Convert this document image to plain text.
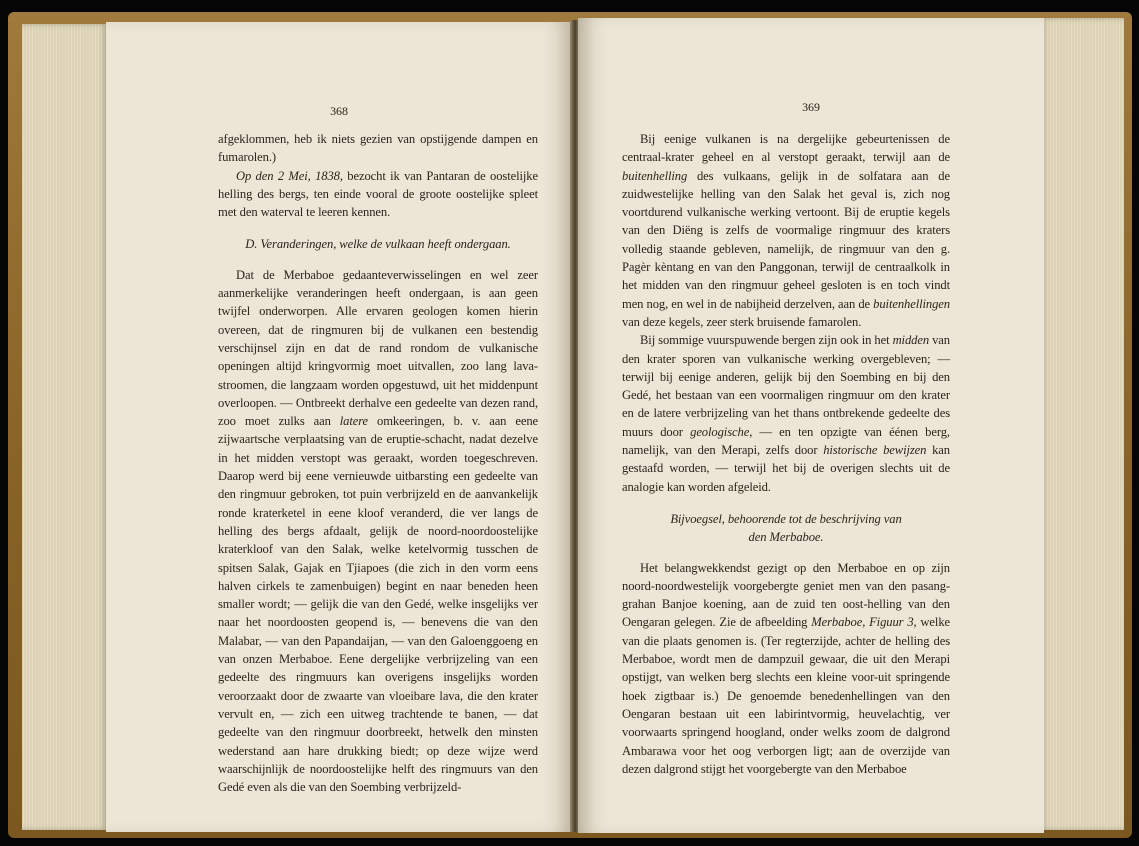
368

afgeklommen, heb ik niets gezien van opstijgende dampen en fumarolen.)

Op den 2 Mei, 1838, bezocht ik van Pantaran de oostelijke helling des bergs, ten einde vooral de groote oostelijke spleet met den waterval te leeren kennen.

D. Veranderingen, welke de vulkaan heeft ondergaan.

Dat de Merbaboe gedaanteverwisselingen en wel zeer aanmerkelijke veranderingen heeft ondergaan, is aan geen twijfel onderworpen. Alle ervaren geologen komen hierin overeen, dat de ringmuren bij de vulkanen een bestendig verschijnsel zijn en dat de rand rondom de vulkanische openingen altijd kringvormig moet uitvallen, zoo lang lava-stroomen, die langzaam worden opgestuwd, uit het middenpunt overloopen. — Ontbreekt derhalve een gedeelte van dezen rand, zoo moet zulks aan latere omkeeringen, b. v. aan eene zijwaartsche verplaatsing van de eruptie-schacht, nadat dezelve in het midden verstopt was geraakt, worden toegeschreven. Daarop werd bij eene vernieuwde uitbarsting een gedeelte van den ringmuur gebroken, tot puin verbrijzeld en de aanvankelijk ronde kraterketel in eene kloof veranderd, die ver langs de helling des bergs afdaalt, gelijk de noord-noordoostelijke kraterkloof van den Salak, welke ketelvormig tusschen de spitsen Salak, Gajak en Tjiapoes (die zich in den vorm eens halven cirkels te zamenbuigen) begint en naar beneden heen smaller wordt; — gelijk die van den Gedé, welke insgelijks ver naar het noordoosten geopend is, — benevens die van den Malabar, — van den Papandaijan, — van den Galoenggoeng en van onzen Merbaboe. Eene dergelijke verbrijzeling van een gedeelte des ringmuurs kan overigens insgelijks worden veroorzaakt door de zwaarte van vloeibare lava, die den krater vervult en, — zich een uitweg trachtende te banen, — dat gedeelte van den ringmuur doorbreekt, hetwelk den minsten wederstand aan hare drukking biedt; op deze wijze werd waarschijnlijk de noordoostelijke helft des ringmuurs van den Gedé even als die van den Soembing verbrijzeld-

369

Bij eenige vulkanen is na dergelijke gebeurtenissen de centraal-krater geheel en al verstopt geraakt, terwijl aan de buitenhelling des vulkaans, gelijk in de solfatara aan de zuidwestelijke helling van den Salak het geval is, zich nog voortdurend vulkanische werking vertoont. Bij de eruptie kegels van den Diëng is zelfs de voormalige ringmuur des kraters volledig staande gebleven, namelijk, de ringmuur van den g. Pagèr kèntang en van den Panggonan, terwijl de centraalkolk in het midden van den ringmuur geheel gesloten is en toch vindt men nog, en wel in de nabijheid derzelven, aan de buitenhellingen van deze kegels, zeer sterk bruisende famarolen.

Bij sommige vuurspuwende bergen zijn ook in het midden van den krater sporen van vulkanische werking overgebleven; — terwijl bij eenige anderen, gelijk bij den Soembing en bij den Gedé, het bestaan van een voormaligen ringmuur om den krater en de latere verbrijzeling van het thans ontbrekende gedeelte des muurs door geologische, — en ten opzigte van éénen berg, namelijk, van den Merapi, zelfs door historische bewijzen kan gestaafd worden, — terwijl het bij de overigen slechts uit de analogie kan worden afgeleid.

Bijvoegsel, behoorende tot de beschrijving van
den Merbaboe.

Het belangwekkendst gezigt op den Merbaboe en op zijn noord-noordwestelijk voorgebergte geniet men van den pasang-grahan Banjoe koening, aan de zuid ten oost-helling van den Oengaran gelegen. Zie de afbeelding Merbaboe, Figuur 3, welke van die plaats genomen is. (Ter regterzijde, achter de helling des Merbaboe, wordt men de dampzuil gewaar, die uit den Merapi opstijgt, van welken berg slechts een kleine voor-uit springende hoek zigtbaar is.) De genoemde benedenhellingen van den Oengaran bestaan uit een labirintvormig, heuvelachtig, ver voorwaarts springend hoogland, onder welks zoom de dalgrond Ambarawa voor het oog verborgen ligt; aan de overzijde van dezen dalgrond stijgt het voorgebergte van den Merbaboe
